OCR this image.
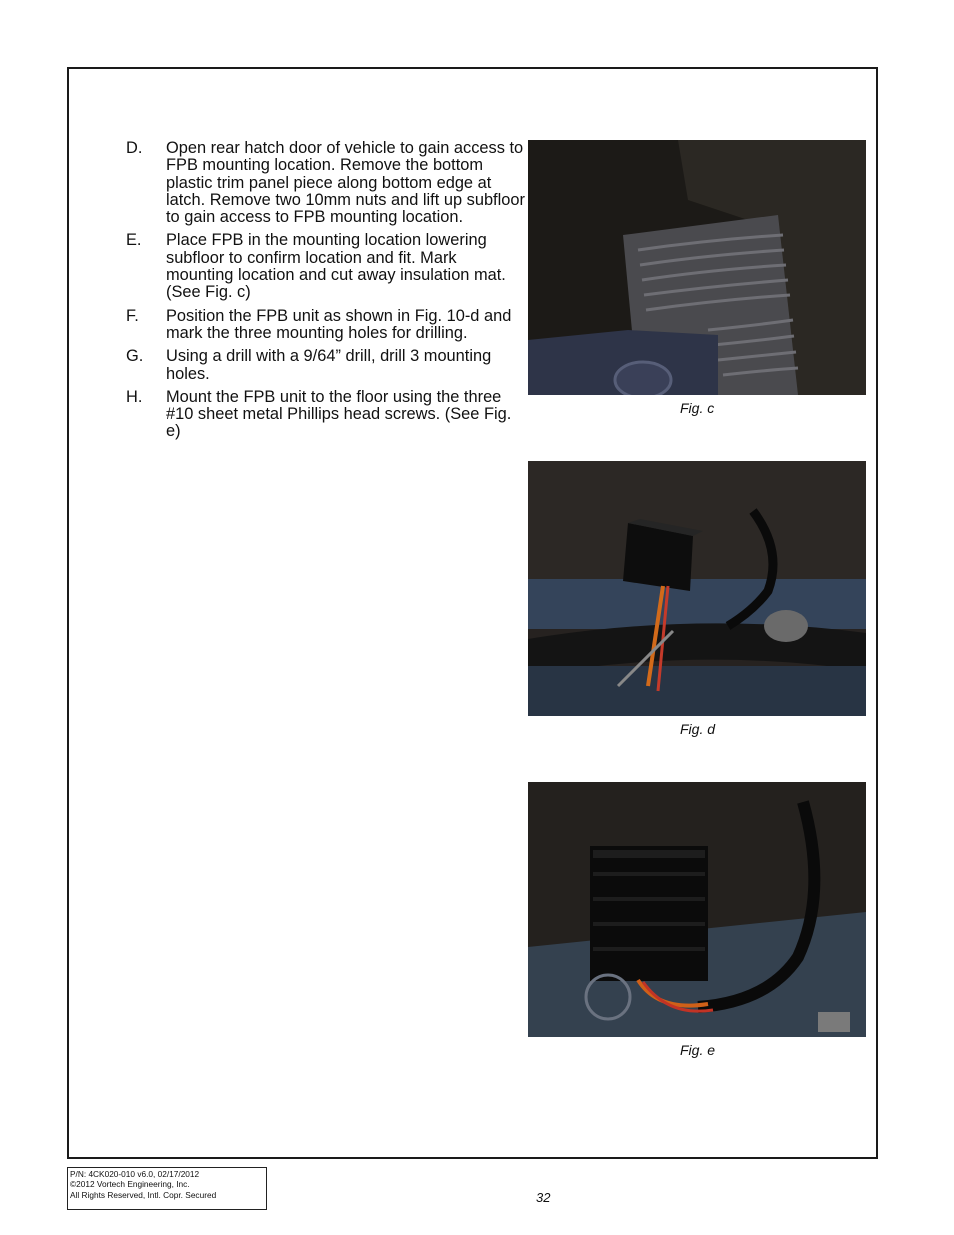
D.	Open rear hatch door of vehicle to gain access to FPB mounting location. Remove the bottom plastic trim panel piece along bottom edge at latch. Remove two 10mm nuts and lift up subfloor to gain access to FPB mounting location.
E.	Place FPB in the mounting location lowering subfloor to confirm location and fit. Mark mounting location and cut away insulation mat. (See Fig. c)
F.	Position the FPB unit as shown in Fig. 10-d and mark the three mounting holes for drilling.
G.	Using a drill with a 9/64” drill, drill 3 mounting holes.
H.	Mount the FPB unit to the floor using the three #10 sheet metal Phillips head screws. (See Fig. e)
Fig. c
Fig. d
Fig. e
P/N: 4CK020-010 v6.0, 02/17/2012
©2012 Vortech Engineering, Inc.
All Rights Reserved, Intl. Copr. Secured	32
